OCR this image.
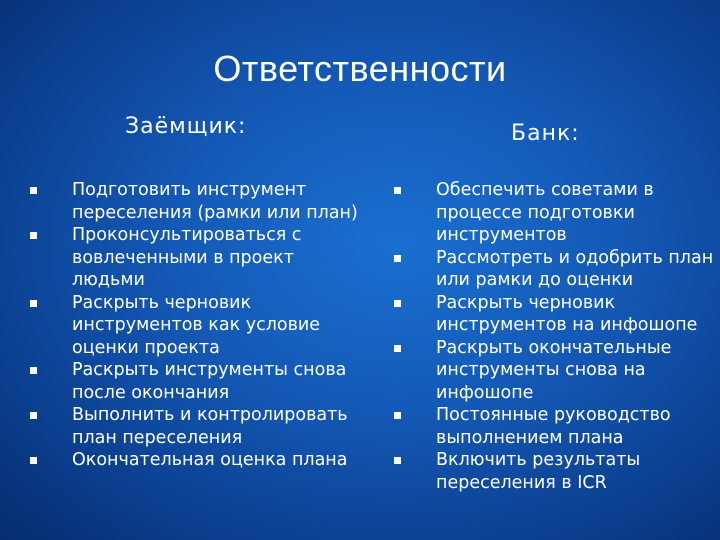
Ответственности
Заёмщик:	Банк:
Подготовить инструмент переселения (рамки или план)
Проконсультироваться с вовлеченными в проект людьми
Раскрыть черновик инструментов как условие оценки проекта
Раскрыть инструменты снова после окончания
Выполнить и контролировать план переселения
Окончательная оценка плана
Обеспечить советами в процессе подготовки инструментов
Рассмотреть и одобрить план или рамки до оценки
Раскрыть черновик инструментов на инфошопе
Раскрыть окончательные инструменты снова на инфошопе
Постоянные руководство выполнением плана
Включить результаты переселения в ICR
